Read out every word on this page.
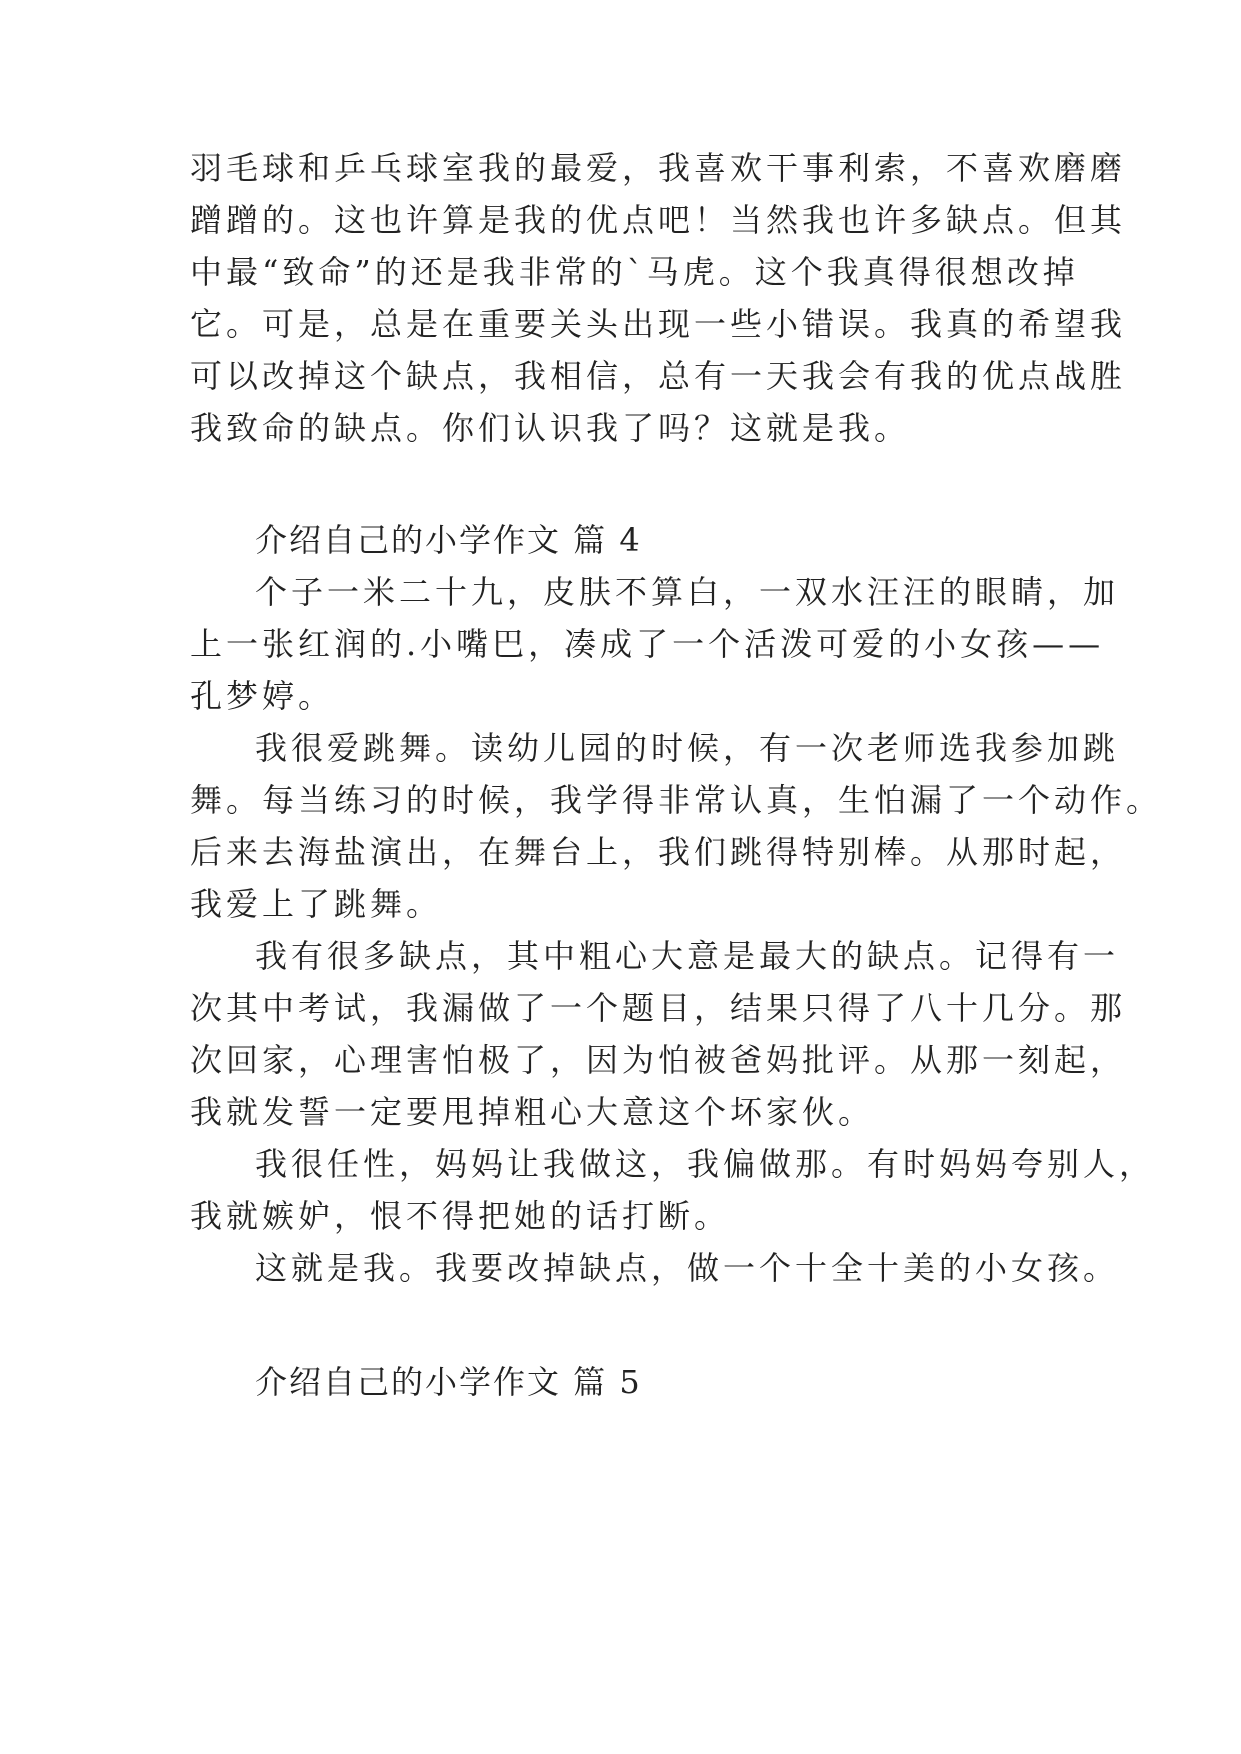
羽毛球和乒乓球室我的最爱，我喜欢干事利索，不喜欢磨磨
蹭蹭的。这也许算是我的优点吧！当然我也许多缺点。但其
中最“致命”的还是我非常的`马虎。这个我真得很想改掉
它。可是，总是在重要关头出现一些小错误。我真的希望我
可以改掉这个缺点，我相信，总有一天我会有我的优点战胜
我致命的缺点。你们认识我了吗？这就是我。
介绍自己的小学作文 篇 4
个子一米二十九，皮肤不算白，一双水汪汪的眼睛，加
上一张红润的.小嘴巴，凑成了一个活泼可爱的小女孩——
孔梦婷。
我很爱跳舞。读幼儿园的时候，有一次老师选我参加跳
舞。每当练习的时候，我学得非常认真，生怕漏了一个动作。
后来去海盐演出，在舞台上，我们跳得特别棒。从那时起，
我爱上了跳舞。
我有很多缺点，其中粗心大意是最大的缺点。记得有一
次其中考试，我漏做了一个题目，结果只得了八十几分。那
次回家，心理害怕极了，因为怕被爸妈批评。从那一刻起，
我就发誓一定要甩掉粗心大意这个坏家伙。
我很任性，妈妈让我做这，我偏做那。有时妈妈夸别人，
我就嫉妒，恨不得把她的话打断。
这就是我。我要改掉缺点，做一个十全十美的小女孩。
介绍自己的小学作文 篇 5
